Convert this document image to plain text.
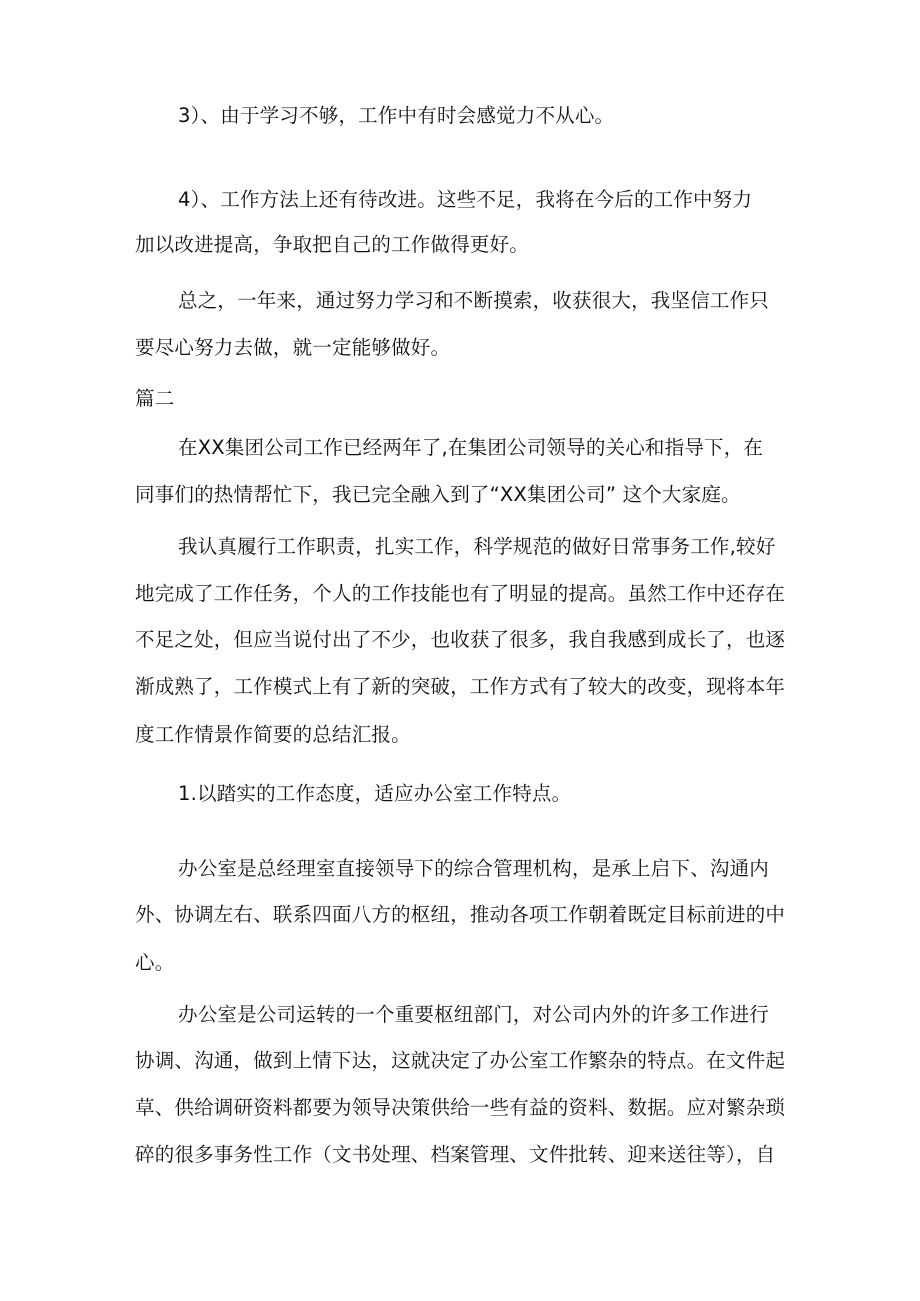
3）、由于学习不够，工作中有时会感觉力不从心。
4）、工作方法上还有待改进。这些不足，我将在今后的工作中努力
加以改进提高，争取把自己的工作做得更好。
总之，一年来，通过努力学习和不断摸索，收获很大，我坚信工作只
要尽心努力去做，就一定能够做好。
篇二
在XX集团公司工作已经两年了,在集团公司领导的关心和指导下，在
同事们的热情帮忙下，我已完全融入到了“XX集团公司” 这个大家庭。
我认真履行工作职责，扎实工作，科学规范的做好日常事务工作,较好
地完成了工作任务，个人的工作技能也有了明显的提高。虽然工作中还存在
不足之处，但应当说付出了不少，也收获了很多，我自我感到成长了，也逐
渐成熟了，工作模式上有了新的突破，工作方式有了较大的改变，现将本年
度工作情景作简要的总结汇报。
1.以踏实的工作态度，适应办公室工作特点。
办公室是总经理室直接领导下的综合管理机构，是承上启下、沟通内
外、协调左右、联系四面八方的枢纽，推动各项工作朝着既定目标前进的中
心。
办公室是公司运转的一个重要枢纽部门，对公司内外的许多工作进行
协调、沟通，做到上情下达，这就决定了办公室工作繁杂的特点。在文件起
草、供给调研资料都要为领导决策供给一些有益的资料、数据。应对繁杂琐
碎的很多事务性工作（文书处理、档案管理、文件批转、迎来送往等），自
